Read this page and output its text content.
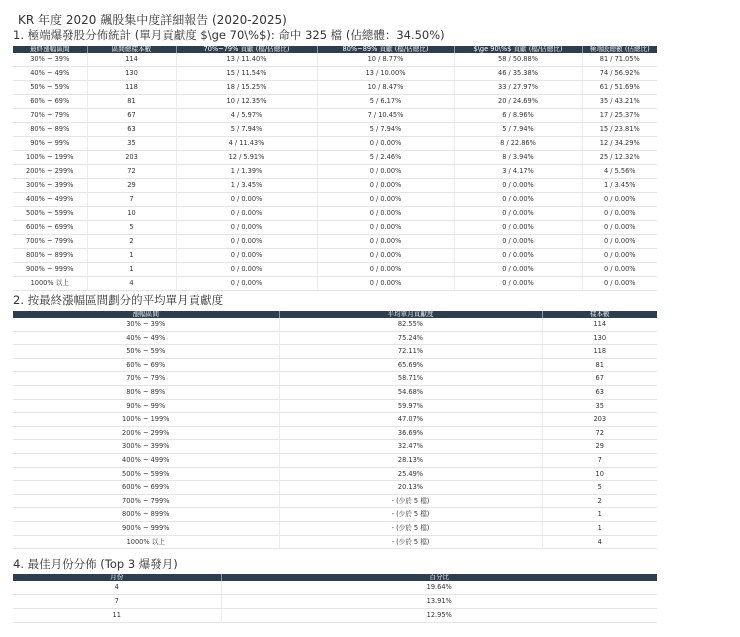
KR 年度 2020 飆股集中度詳細報告 (2020-2025)
1. 極端爆發股分佈統計 (單月貢獻度 $\ge 70\%$): 命中 325 檔 (佔總體：34.50%)
最終漲幅區間	區間總樣本數	70%~79% 貢獻 (檔/佔總比)	80%~89% 貢獻 (檔/佔總比)	$\ge 90\%$ 貢獻 (檔/佔總比)	極端股總數 (佔總比)
30% ~ 39%	114	13 / 11.40%	10 / 8.77%	58 / 50.88%	81 / 71.05%
40% ~ 49%	130	15 / 11.54%	13 / 10.00%	46 / 35.38%	74 / 56.92%
50% ~ 59%	118	18 / 15.25%	10 / 8.47%	33 / 27.97%	61 / 51.69%
60% ~ 69%	81	10 / 12.35%	5 / 6.17%	20 / 24.69%	35 / 43.21%
70% ~ 79%	67	4 / 5.97%	7 / 10.45%	6 / 8.96%	17 / 25.37%
80% ~ 89%	63	5 / 7.94%	5 / 7.94%	5 / 7.94%	15 / 23.81%
90% ~ 99%	35	4 / 11.43%	0 / 0.00%	8 / 22.86%	12 / 34.29%
100% ~ 199%	203	12 / 5.91%	5 / 2.46%	8 / 3.94%	25 / 12.32%
200% ~ 299%	72	1 / 1.39%	0 / 0.00%	3 / 4.17%	4 / 5.56%
300% ~ 399%	29	1 / 3.45%	0 / 0.00%	0 / 0.00%	1 / 3.45%
400% ~ 499%	7	0 / 0.00%	0 / 0.00%	0 / 0.00%	0 / 0.00%
500% ~ 599%	10	0 / 0.00%	0 / 0.00%	0 / 0.00%	0 / 0.00%
600% ~ 699%	5	0 / 0.00%	0 / 0.00%	0 / 0.00%	0 / 0.00%
700% ~ 799%	2	0 / 0.00%	0 / 0.00%	0 / 0.00%	0 / 0.00%
800% ~ 899%	1	0 / 0.00%	0 / 0.00%	0 / 0.00%	0 / 0.00%
900% ~ 999%	1	0 / 0.00%	0 / 0.00%	0 / 0.00%	0 / 0.00%
1000% 以上	4	0 / 0.00%	0 / 0.00%	0 / 0.00%	0 / 0.00%
2. 按最終漲幅區間劃分的平均單月貢獻度
漲幅區間	平均單月貢獻度	樣本數
30% ~ 39%	82.55%	114
40% ~ 49%	75.24%	130
50% ~ 59%	72.11%	118
60% ~ 69%	65.69%	81
70% ~ 79%	58.71%	67
80% ~ 89%	54.68%	63
90% ~ 99%	59.97%	35
100% ~ 199%	47.07%	203
200% ~ 299%	36.69%	72
300% ~ 399%	32.47%	29
400% ~ 499%	28.13%	7
500% ~ 599%	25.49%	10
600% ~ 699%	20.13%	5
700% ~ 799%	- (少於 5 檔)	2
800% ~ 899%	- (少於 5 檔)	1
900% ~ 999%	- (少於 5 檔)	1
1000% 以上	- (少於 5 檔)	4
4. 最佳月份分佈 (Top 3 爆發月)
月份	百分比
4	19.64%
7	13.91%
11	12.95%
